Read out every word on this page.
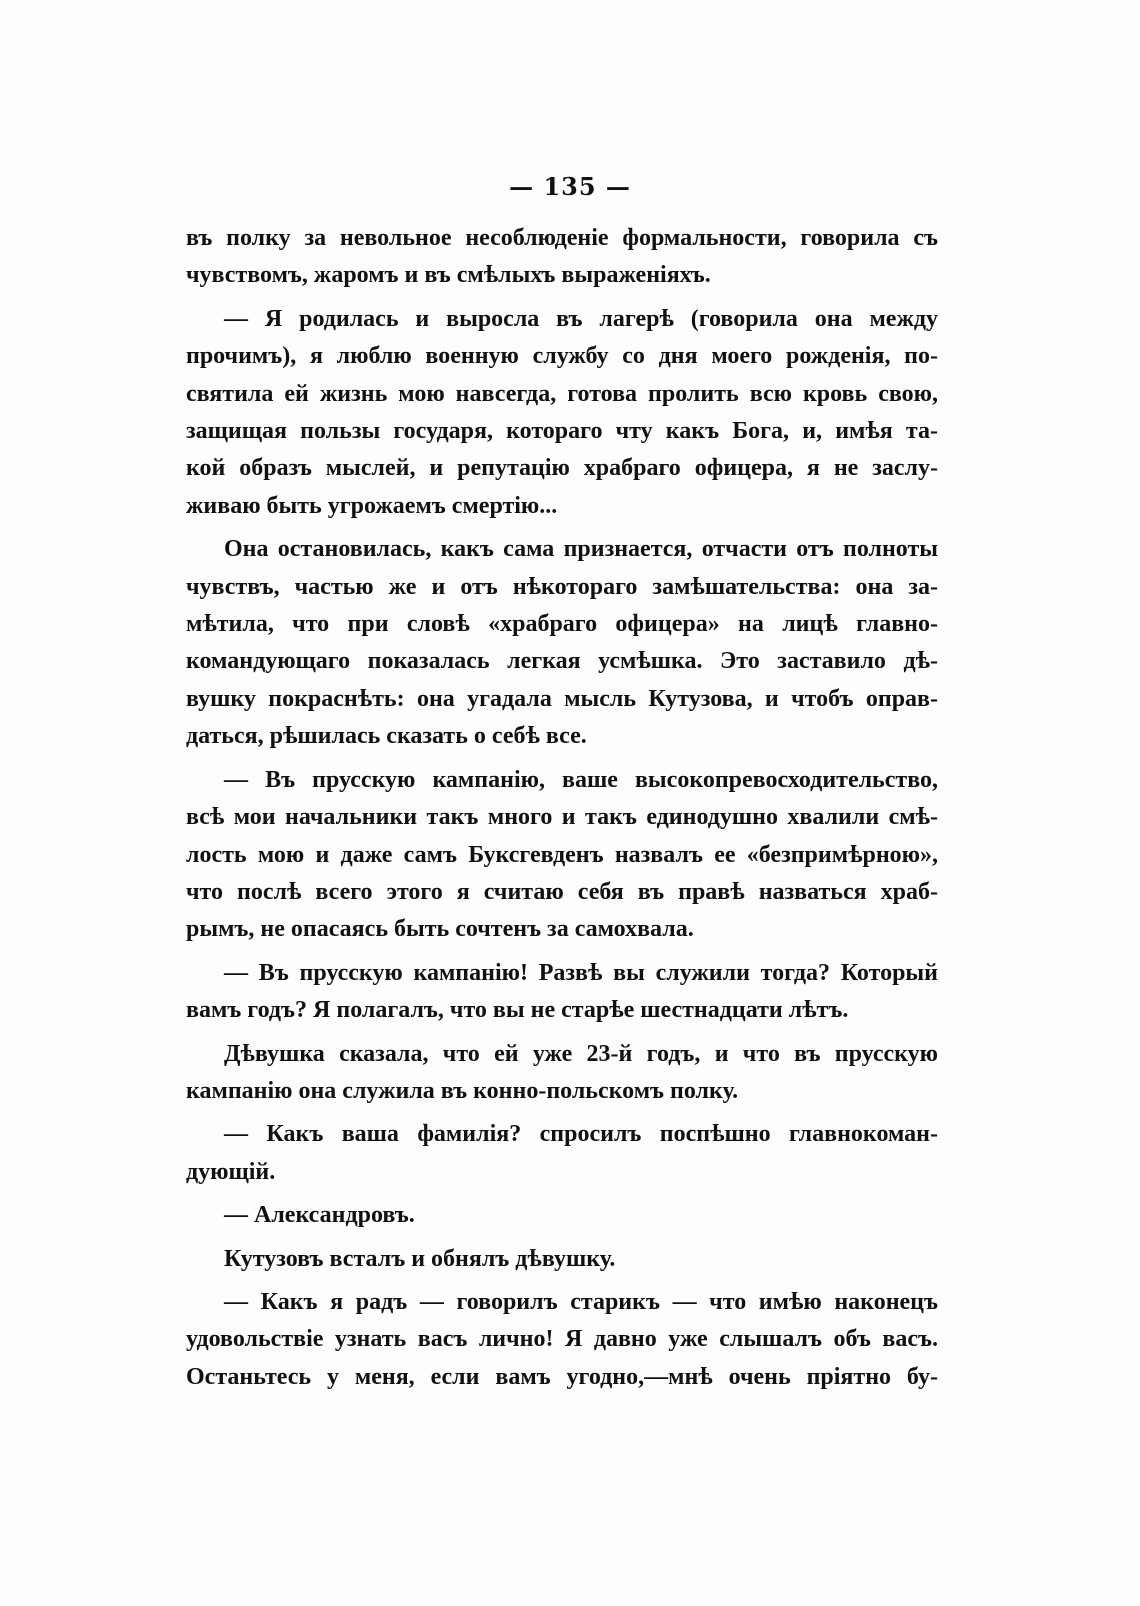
— 135 —
въ полку за невольное несоблюденіе формальности, говорила съ
чувствомъ, жаромъ и въ смѣлыхъ выраженіяхъ.
— Я родилась и выросла въ лагерѣ (говорила она между
прочимъ), я люблю военную службу со дня моего рожденія, по-
святила ей жизнь мою навсегда, готова пролить всю кровь свою,
защищая пользы государя, котораго чту какъ Бога, и, имѣя та-
кой образъ мыслей, и репутацію храбраго офицера, я не заслу-
живаю быть угрожаемъ смертію...
Она остановилась, какъ сама признается, отчасти отъ полноты
чувствъ, частью же и отъ нѣкотораго замѣшательства: она за-
мѣтила, что при словѣ «храбраго офицера» на лицѣ главно-
командующаго показалась легкая усмѣшка. Это заставило дѣ-
вушку покраснѣть: она угадала мысль Кутузова, и чтобъ оправ-
даться, рѣшилась сказать о себѣ все.
— Въ прусскую кампанію, ваше высокопревосходительство,
всѣ мои начальники такъ много и такъ единодушно хвалили смѣ-
лость мою и даже самъ Буксгевденъ назвалъ ее «безпримѣрною»,
что послѣ всего этого я считаю себя въ правѣ назваться храб-
рымъ, не опасаясь быть сочтенъ за самохвала.
— Въ прусскую кампанію! Развѣ вы служили тогда? Который
вамъ годъ? Я полагалъ, что вы не старѣе шестнадцати лѣтъ.
Дѣвушка сказала, что ей уже 23-й годъ, и что въ прусскую
кампанію она служила въ конно-польскомъ полку.
— Какъ ваша фамилія? спросилъ поспѣшно главнокоман-
дующій.
— Александровъ.
Кутузовъ всталъ и обнялъ дѣвушку.
— Какъ я радъ — говорилъ старикъ — что имѣю наконецъ
удовольствіе узнать васъ лично! Я давно уже слышалъ объ васъ.
Останьтесь у меня, если вамъ угодно,—мнѣ очень пріятно бу-
